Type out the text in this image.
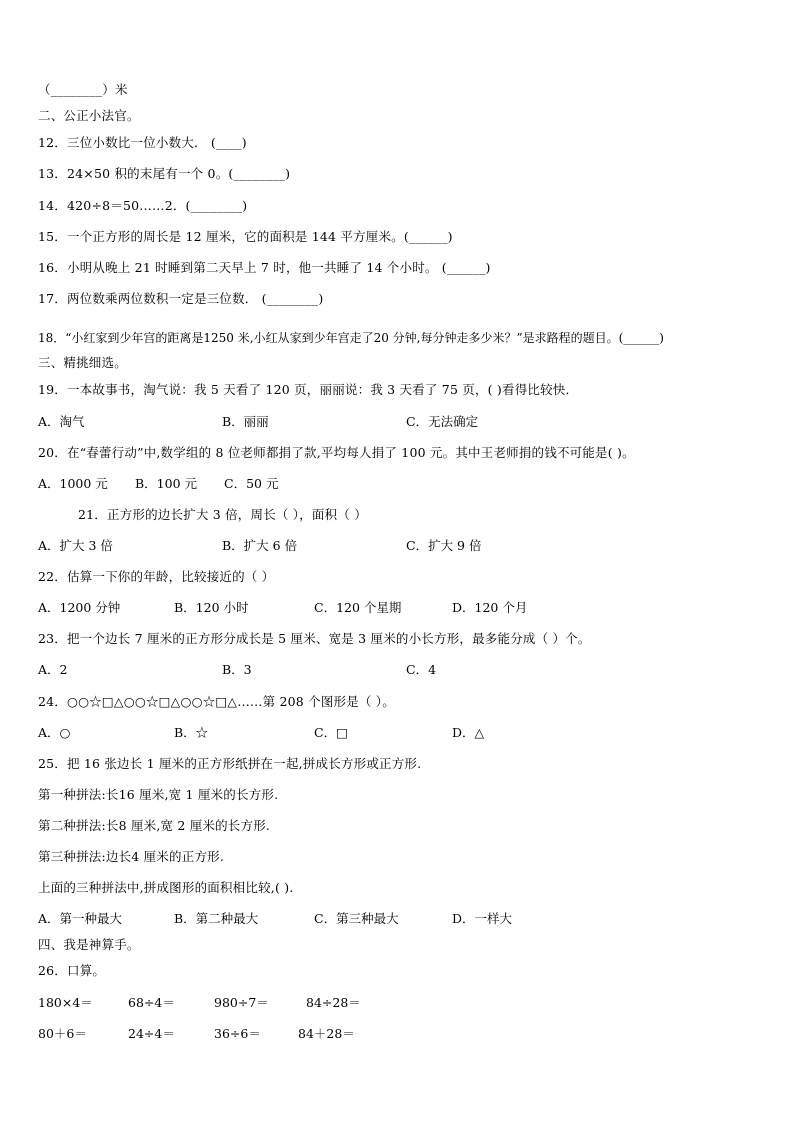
（________）米
二、公正小法官。
12．三位小数比一位小数大． (____)
13．24×50 积的末尾有一个 0。(________)
14．420÷8＝50……2．(________)
15．一个正方形的周长是 12 厘米，它的面积是 144 平方厘米。(______)
16．小明从晚上 21 时睡到第二天早上 7 时，他一共睡了 14 个小时。 (______)
17．两位数乘两位数积一定是三位数． (________)
18．“小红家到少年宫的距离是1250 米,小红从家到少年宫走了20 分钟,每分钟走多少米？”是求路程的题目。(______)
三、精挑细选。
19．一本故事书，淘气说：我 5 天看了 120 页，丽丽说：我 3 天看了 75 页，( )看得比较快．
A．淘气	B．丽丽	C．无法确定
20．在“春蕾行动”中,数学组的 8 位老师都捐了款,平均每人捐了 100 元。其中王老师捐的钱不可能是( )。
A．1000 元 B．100 元 C．50 元
21．正方形的边长扩大 3 倍，周长（ ），面积（ ）
A．扩大 3 倍	B．扩大 6 倍	C．扩大 9 倍
22．估算一下你的年龄，比较接近的（ ）
A．1200 分钟	B．120 小时	C．120 个星期	D．120 个月
23．把一个边长 7 厘米的正方形分成长是 5 厘米、宽是 3 厘米的小长方形，最多能分成（ ）个。
A．2	B．3	C．4
24．○○☆□△○○☆□△○○☆□△……第 208 个图形是（ ）。
A．○	B．☆	C．□	D．△
25．把 16 张边长 1 厘米的正方形纸拼在一起,拼成长方形或正方形.
第一种拼法:长16 厘米,宽 1 厘米的长方形.
第二种拼法:长8 厘米,宽 2 厘米的长方形.
第三种拼法:边长4 厘米的正方形.
上面的三种拼法中,拼成图形的面积相比较,( ).
A．第一种最大	B．第二种最大	C．第三种最大	D．一样大
四、我是神算手。
26．口算。
180×4＝	68÷4＝	980÷7＝	84÷28＝
80＋6＝	24÷4＝	36÷6＝	84＋28＝
